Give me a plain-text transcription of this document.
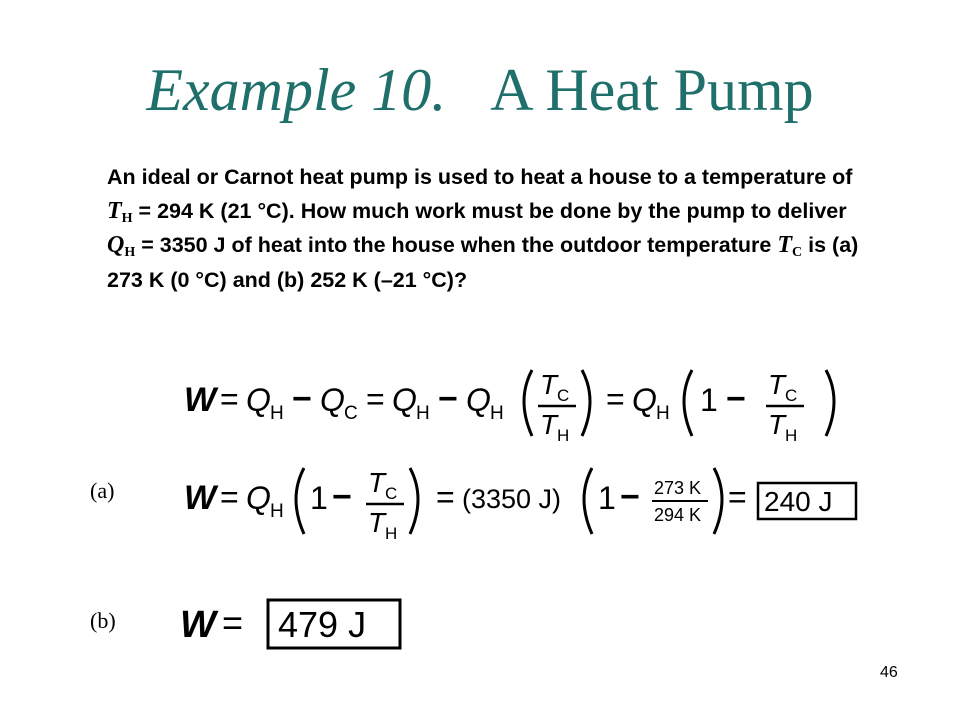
Example 10. A Heat Pump
An ideal or Carnot heat pump is used to heat a house to a temperature of $T_H = 294$ K (21 °C). How much work must be done by the pump to deliver $Q_H = 3350$ J of heat into the house when the outdoor temperature $T_C$ is (a) 273 K (0 °C) and (b) 252 K (–21 °C)?
W = Q H − Q C = Q H − Q H
T C
T H
= Q H 1 − T C
T H
(a) W = Q H 1 − T C
T H
= (3350 J) 1 − 273 K
294 K = 240 J
(b) W = 479 J
46
